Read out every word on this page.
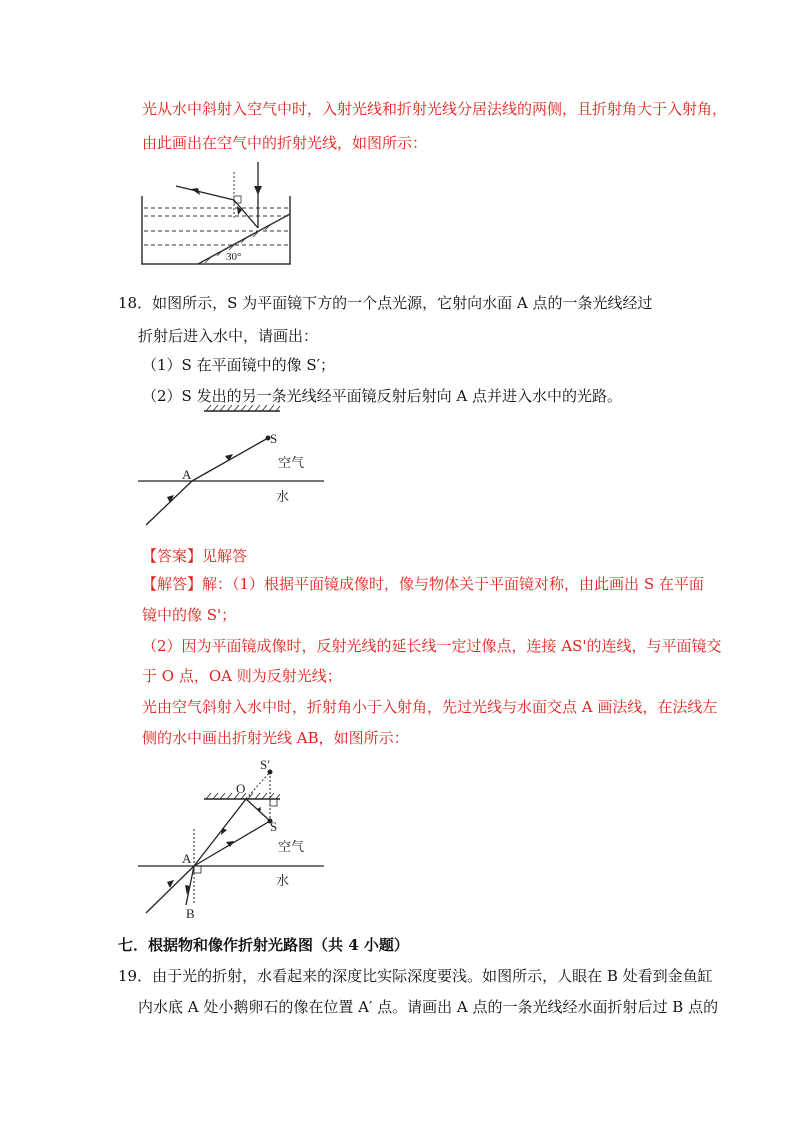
光从水中斜射入空气中时，入射光线和折射光线分居法线的两侧，且折射角大于入射角，
由此画出在空气中的折射光线，如图所示：
30°
18．如图所示，S 为平面镜下方的一个点光源，它射向水面 A 点的一条光线经过
折射后进入水中，请画出：
（1）S 在平面镜中的像 S′；
（2）S 发出的另一条光线经平面镜反射后射向 A 点并进入水中的光路。
S
空气
A
水
【答案】见解答
【解答】解：（1）根据平面镜成像时，像与物体关于平面镜对称，由此画出 S 在平面
镜中的像 S'；
（2）因为平面镜成像时，反射光线的延长线一定过像点，连接 AS'的连线，与平面镜交
于 O 点，OA 则为反射光线；
光由空气斜射入水中时，折射角小于入射角，先过光线与水面交点 A 画法线，在法线左
侧的水中画出折射光线 AB，如图所示：
S′
O
S
空气
A
水
B
七．根据物和像作折射光路图（共 4 小题）
19．由于光的折射，水看起来的深度比实际深度要浅。如图所示，人眼在 B 处看到金鱼缸
内水底 A 处小鹅卵石的像在位置 A′ 点。请画出 A 点的一条光线经水面折射后过 B 点的
